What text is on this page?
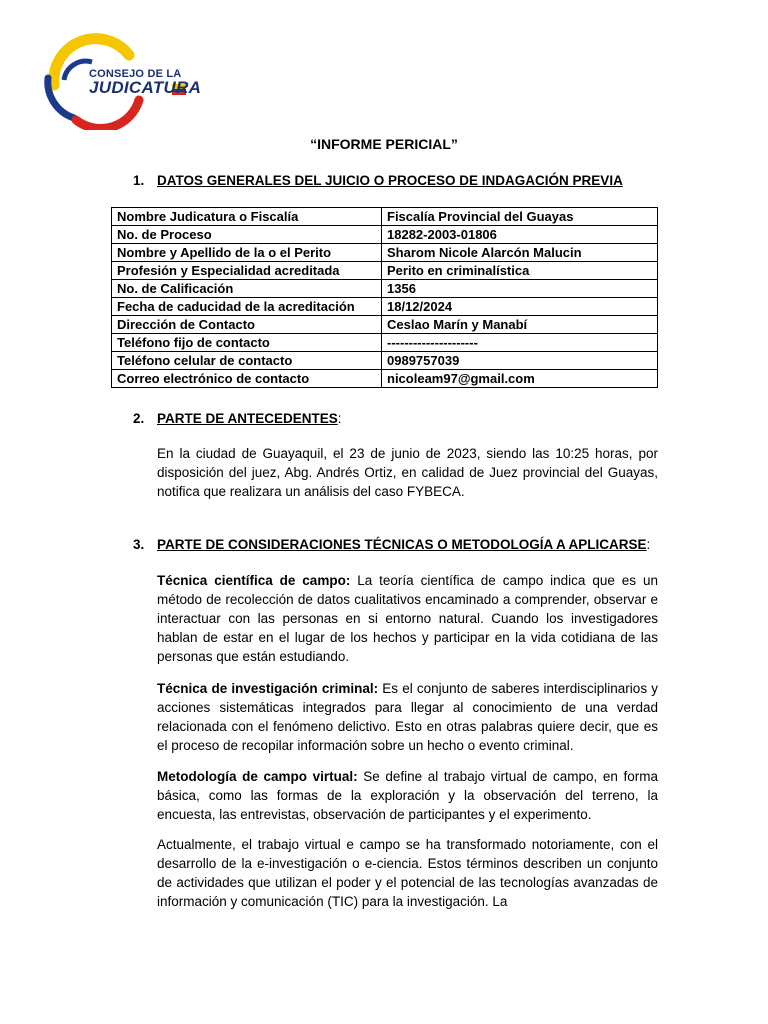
CONSEJO DE LA
JUDICATURA
“INFORME PERICIAL”
1. DATOS GENERALES DEL JUICIO O PROCESO DE INDAGACIÓN PREVIA
Nombre Judicatura o Fiscalía	Fiscalía Provincial del Guayas
No. de Proceso	18282-2003-01806
Nombre y Apellido de la o el Perito	Sharom Nicole Alarcón Malucin
Profesión y Especialidad acreditada	Perito en criminalística
No. de Calificación	1356
Fecha de caducidad de la acreditación	18/12/2024
Dirección de Contacto	Ceslao Marín y Manabí
Teléfono fijo de contacto	---------------------
Teléfono celular de contacto	0989757039
Correo electrónico de contacto	nicoleam97@gmail.com
2. PARTE DE ANTECEDENTES:
En la ciudad de Guayaquil, el 23 de junio de 2023, siendo las 10:25 horas, por disposición del juez, Abg. Andrés Ortiz, en calidad de Juez provincial del Guayas, notifica que realizara un análisis del caso FYBECA.
3. PARTE DE CONSIDERACIONES TÉCNICAS O METODOLOGÍA A APLICARSE:
Técnica científica de campo: La teoría científica de campo indica que es un método de recolección de datos cualitativos encaminado a comprender, observar e interactuar con las personas en si entorno natural. Cuando los investigadores hablan de estar en el lugar de los hechos y participar en la vida cotidiana de las personas que están estudiando.
Técnica de investigación criminal: Es el conjunto de saberes interdisciplinarios y acciones sistemáticas integrados para llegar al conocimiento de una verdad relacionada con el fenómeno delictivo. Esto en otras palabras quiere decir, que es el proceso de recopilar información sobre un hecho o evento criminal.
Metodología de campo virtual: Se define al trabajo virtual de campo, en forma básica, como las formas de la exploración y la observación del terreno, la encuesta, las entrevistas, observación de participantes y el experimento.
Actualmente, el trabajo virtual e campo se ha transformado notoriamente, con el desarrollo de la e-investigación o e-ciencia. Estos términos describen un conjunto de actividades que utilizan el poder y el potencial de las tecnologías avanzadas de información y comunicación (TIC) para la investigación. La
